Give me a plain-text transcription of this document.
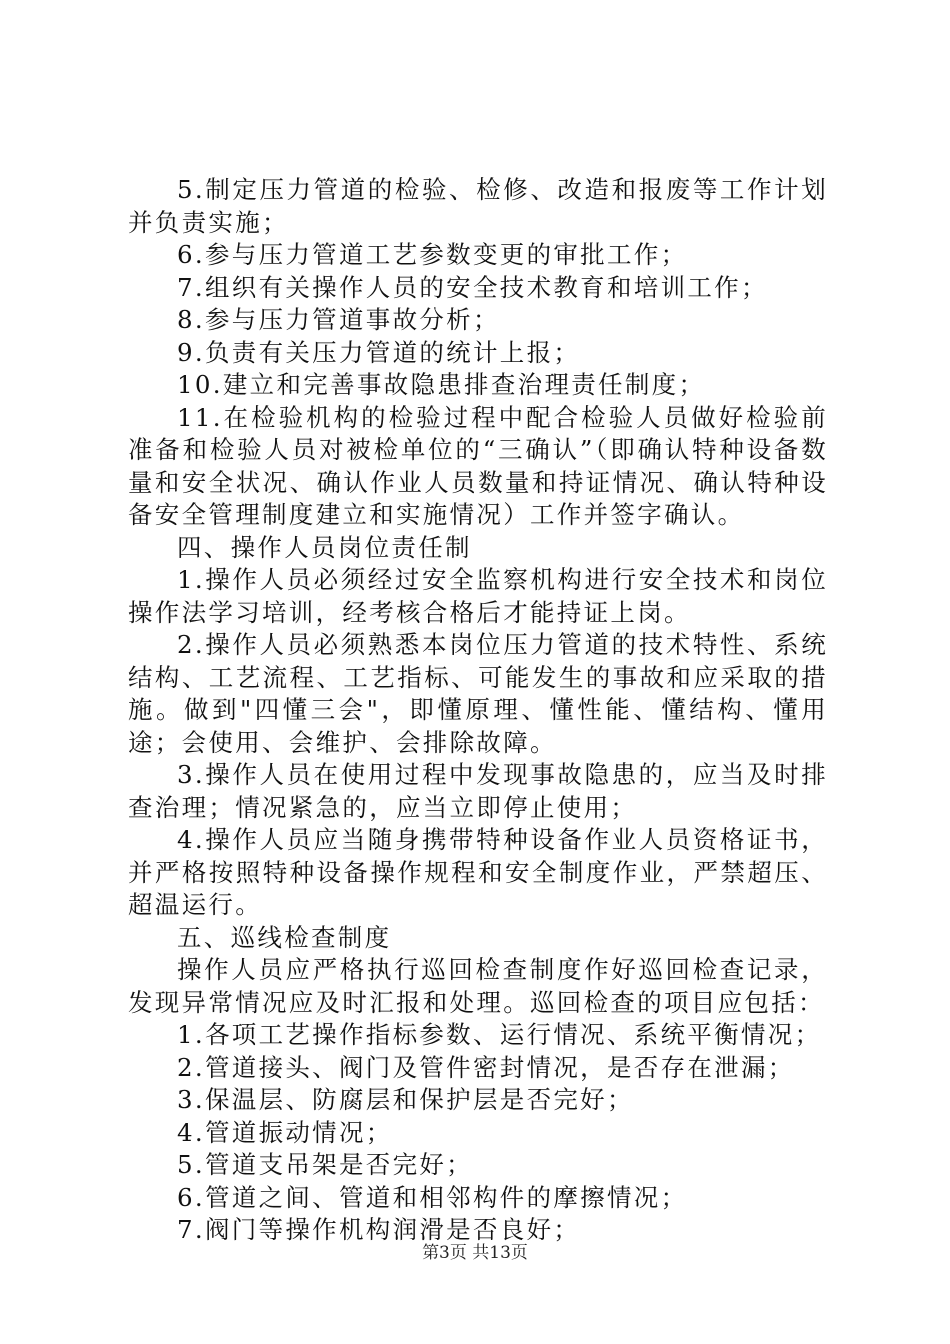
5.制定压力管道的检验、检修、改造和报废等工作计划并负责实施；

6.参与压力管道工艺参数变更的审批工作；

7.组织有关操作人员的安全技术教育和培训工作；

8.参与压力管道事故分析；

9.负责有关压力管道的统计上报；

10.建立和完善事故隐患排查治理责任制度；

11.在检验机构的检验过程中配合检验人员做好检验前准备和检验人员对被检单位的“三确认”（即确认特种设备数量和安全状况、确认作业人员数量和持证情况、确认特种设备安全管理制度建立和实施情况）工作并签字确认。

四、操作人员岗位责任制

1.操作人员必须经过安全监察机构进行安全技术和岗位操作法学习培训，经考核合格后才能持证上岗。

2.操作人员必须熟悉本岗位压力管道的技术特性、系统结构、工艺流程、工艺指标、可能发生的事故和应采取的措施。做到"四懂三会"，即懂原理、懂性能、懂结构、懂用途；会使用、会维护、会排除故障。

3.操作人员在使用过程中发现事故隐患的，应当及时排查治理；情况紧急的，应当立即停止使用；

4.操作人员应当随身携带特种设备作业人员资格证书，并严格按照特种设备操作规程和安全制度作业，严禁超压、超温运行。

五、巡线检查制度

操作人员应严格执行巡回检查制度作好巡回检查记录，发现异常情况应及时汇报和处理。巡回检查的项目应包括：

1.各项工艺操作指标参数、运行情况、系统平衡情况；

2.管道接头、阀门及管件密封情况，是否存在泄漏；

3.保温层、防腐层和保护层是否完好；

4.管道振动情况；

5.管道支吊架是否完好；

6.管道之间、管道和相邻构件的摩擦情况；

7.阀门等操作机构润滑是否良好；

第3页 共13页
